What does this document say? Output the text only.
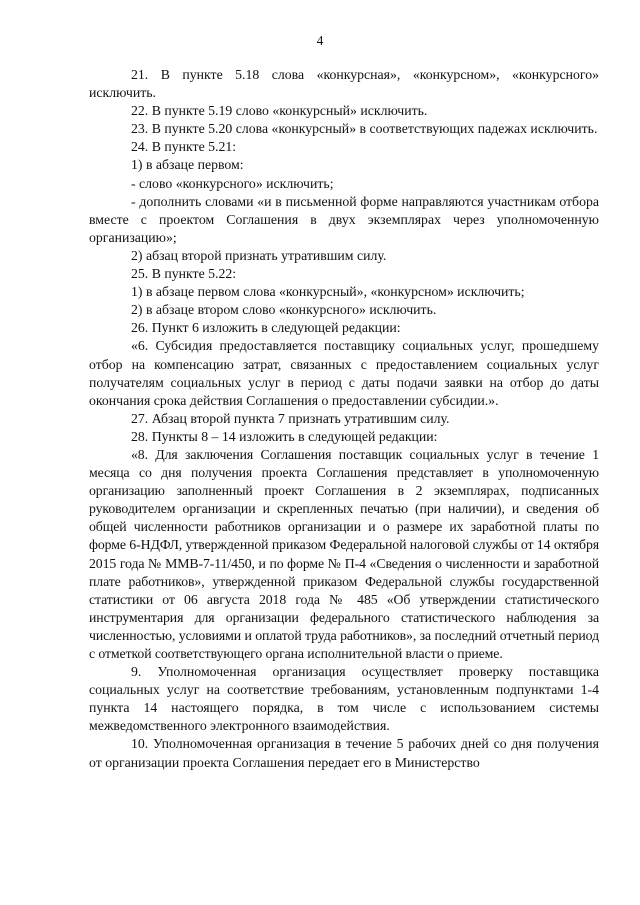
4

21. В пункте 5.18 слова «конкурсная», «конкурсном», «конкурсного» исключить.

22. В пункте 5.19 слово «конкурсный» исключить.

23. В пункте 5.20 слова «конкурсный» в соответствующих падежах исключить.

24. В пункте 5.21:

1) в абзаце первом:

- слово «конкурсного» исключить;

- дополнить словами «и в письменной форме направляются участникам отбора вместе с проектом Соглашения в двух экземплярах через уполномоченную организацию»;

2) абзац второй признать утратившим силу.

25. В пункте 5.22:

1) в абзаце первом слова «конкурсный», «конкурсном» исключить;

2) в абзаце втором слово «конкурсного» исключить.

26. Пункт 6 изложить в следующей редакции:

«6. Субсидия предоставляется поставщику социальных услуг, прошедшему отбор на компенсацию затрат, связанных с предоставлением социальных услуг получателям социальных услуг в период с даты подачи заявки на отбор до даты окончания срока действия Соглашения о предоставлении субсидии.».

27. Абзац второй пункта 7 признать утратившим силу.

28. Пункты 8 – 14 изложить в следующей редакции:

«8. Для заключения Соглашения поставщик социальных услуг в течение 1 месяца со дня получения проекта Соглашения представляет в уполномоченную организацию заполненный проект Соглашения в 2 экземплярах, подписанных руководителем организации и скрепленных печатью (при наличии), и сведения об общей численности работников организации и о размере их заработной платы по форме 6-НДФЛ, утвержденной приказом Федеральной налоговой службы от 14 октября 2015 года № ММВ-7-11/450, и по форме № П-4 «Сведения о численности и заработной плате работников», утвержденной приказом Федеральной службы государственной статистики от 06 августа 2018 года № 485 «Об утверждении статистического инструментария для организации федерального статистического наблюдения за численностью, условиями и оплатой труда работников», за последний отчетный период с отметкой соответствующего органа исполнительной власти о приеме.

9. Уполномоченная организация осуществляет проверку поставщика социальных услуг на соответствие требованиям, установленным подпунктами 1-4 пункта 14 настоящего порядка, в том числе с использованием системы межведомственного электронного взаимодействия.

10. Уполномоченная организация в течение 5 рабочих дней со дня получения от организации проекта Соглашения передает его в Министерство
